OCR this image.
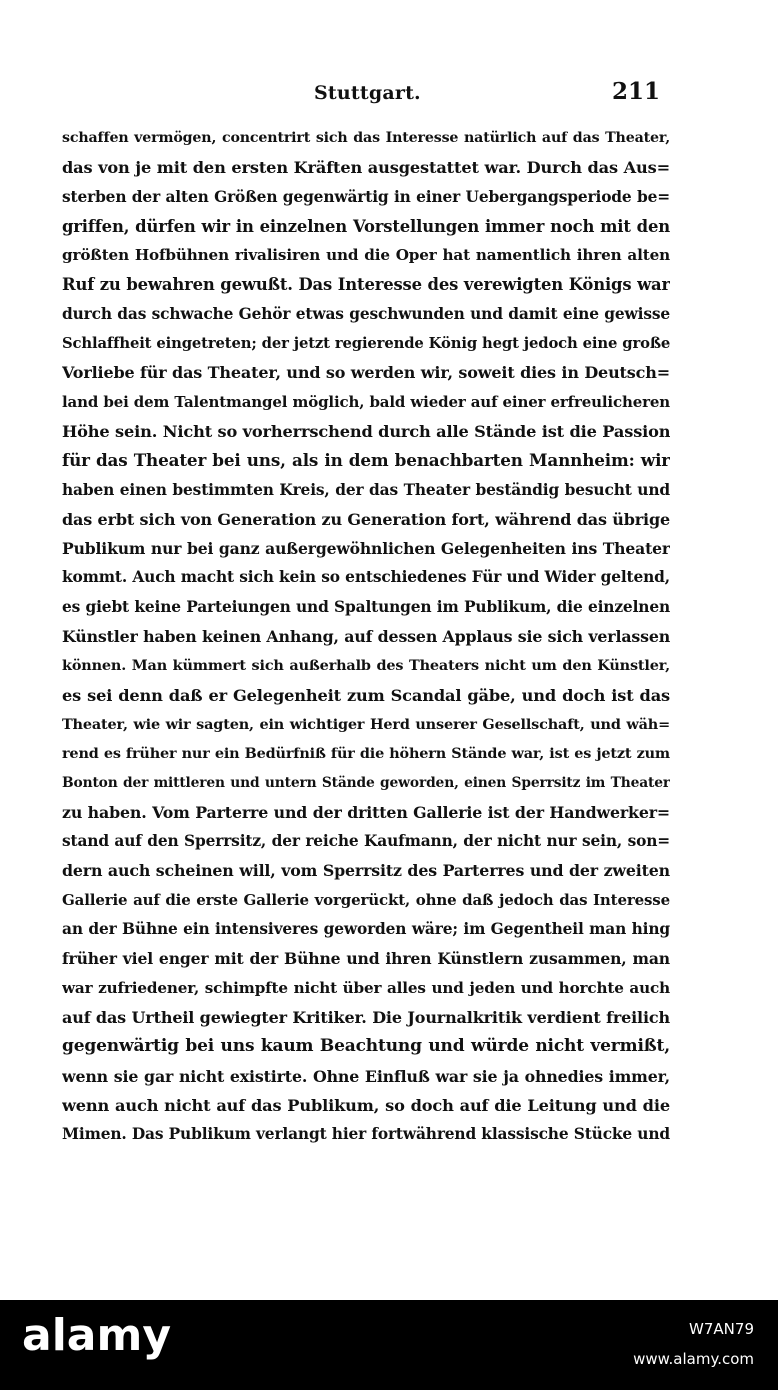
Stuttgart.	211
schaffen vermögen, concentrirt sich das Interesse natürlich auf das Theater,
das von je mit den ersten Kräften ausgestattet war. Durch das Aus=
sterben der alten Größen gegenwärtig in einer Uebergangsperiode be=
griffen, dürfen wir in einzelnen Vorstellungen immer noch mit den
größten Hofbühnen rivalisiren und die Oper hat namentlich ihren alten
Ruf zu bewahren gewußt. Das Interesse des verewigten Königs war
durch das schwache Gehör etwas geschwunden und damit eine gewisse
Schlaffheit eingetreten; der jetzt regierende König hegt jedoch eine große
Vorliebe für das Theater, und so werden wir, soweit dies in Deutsch=
land bei dem Talentmangel möglich, bald wieder auf einer erfreulicheren
Höhe sein. Nicht so vorherrschend durch alle Stände ist die Passion
für das Theater bei uns, als in dem benachbarten Mannheim: wir
haben einen bestimmten Kreis, der das Theater beständig besucht und
das erbt sich von Generation zu Generation fort, während das übrige
Publikum nur bei ganz außergewöhnlichen Gelegenheiten ins Theater
kommt. Auch macht sich kein so entschiedenes Für und Wider geltend,
es giebt keine Parteiungen und Spaltungen im Publikum, die einzelnen
Künstler haben keinen Anhang, auf dessen Applaus sie sich verlassen
können. Man kümmert sich außerhalb des Theaters nicht um den Künstler,
es sei denn daß er Gelegenheit zum Scandal gäbe, und doch ist das
Theater, wie wir sagten, ein wichtiger Herd unserer Gesellschaft, und wäh=
rend es früher nur ein Bedürfniß für die höhern Stände war, ist es jetzt zum
Bonton der mittleren und untern Stände geworden, einen Sperrsitz im Theater
zu haben. Vom Parterre und der dritten Gallerie ist der Handwerker=
stand auf den Sperrsitz, der reiche Kaufmann, der nicht nur sein, son=
dern auch scheinen will, vom Sperrsitz des Parterres und der zweiten
Gallerie auf die erste Gallerie vorgerückt, ohne daß jedoch das Interesse
an der Bühne ein intensiveres geworden wäre; im Gegentheil man hing
früher viel enger mit der Bühne und ihren Künstlern zusammen, man
war zufriedener, schimpfte nicht über alles und jeden und horchte auch
auf das Urtheil gewiegter Kritiker. Die Journalkritik verdient freilich
gegenwärtig bei uns kaum Beachtung und würde nicht vermißt,
wenn sie gar nicht existirte. Ohne Einfluß war sie ja ohnedies immer,
wenn auch nicht auf das Publikum, so doch auf die Leitung und die
Mimen. Das Publikum verlangt hier fortwährend klassische Stücke und
alamy	W7AN79
www.alamy.com
